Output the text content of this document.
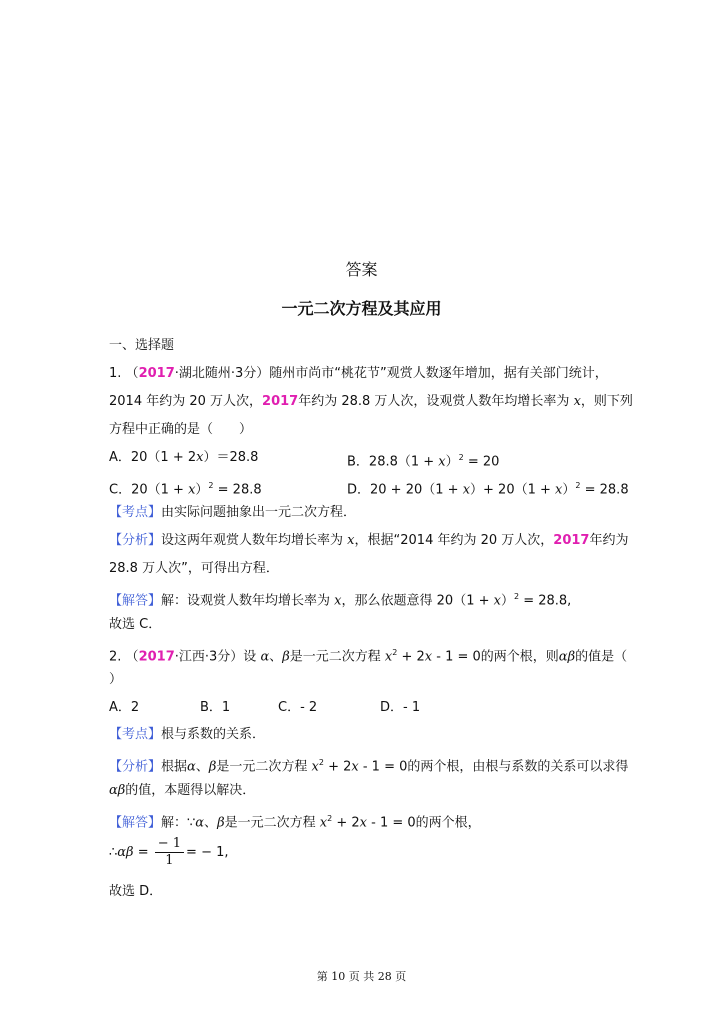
答案
一元二次方程及其应用
一、选择题
1. （2017·湖北随州·3分）随州市尚市“桃花节”观赏人数逐年增加，据有关部门统计，
2014 年约为 20 万人次，2017年约为 28.8 万人次，设观赏人数年均增长率为 x，则下列
方程中正确的是（　　）
A．20（1 + 2x）＝28.8	B．$28.8(1 + x)^2 = 20$
C．$20(1 + x)^2 = 28.8$	D．$20 + 20(1 + x)+ 20(1 + x)^2 = 28.8$
【考点】由实际问题抽象出一元二次方程．
【分析】设这两年观赏人数年均增长率为 x，根据“2014 年约为 20 万人次，2017年约为
28.8 万人次”，可得出方程．
【解答】解：设观赏人数年均增长率为 x，那么依题意得 $20(1 + x)^2 = 28.8$,
故选 C．
2. （2017·江西·3分）设 α、β是一元二次方程 $x^2 + 2x - 1 = 0$的两个根，则αβ的值是（
）
A．2	B．1	C．- 2	D．- 1
【考点】根与系数的关系．
【分析】根据α、β是一元二次方程 $x^2 + 2x - 1 = 0$的两个根，由根与系数的关系可以求得
αβ的值，本题得以解决．
【解答】解：∵α、β是一元二次方程 $x^2 + 2x - 1 = 0$的两个根，
∴αβ = $\frac{- 1}{1}$ = − 1,
故选 D．
第 10 页 共 28 页
